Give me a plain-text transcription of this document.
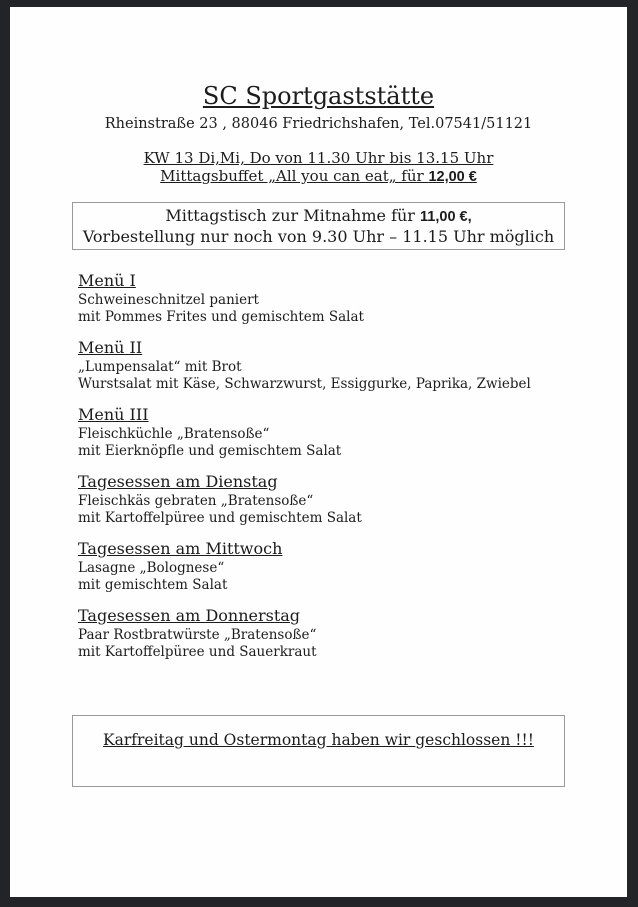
SC Sportgaststätte
Rheinstraße 23 , 88046 Friedrichshafen, Tel.07541/51121
KW 13 Di,Mi, Do von 11.30 Uhr bis 13.15 Uhr
Mittagsbuffet „All you can eat„ für 12,00 €
Mittagstisch zur Mitnahme für 11,00 €,
Vorbestellung nur noch von 9.30 Uhr – 11.15 Uhr möglich
Menü I
Schweineschnitzel paniert
mit Pommes Frites und gemischtem Salat
Menü II
„Lumpensalat“ mit Brot
Wurstsalat mit Käse, Schwarzwurst, Essiggurke, Paprika, Zwiebel
Menü III
Fleischküchle „Bratensoße“
mit Eierknöpfle und gemischtem Salat
Tagesessen am Dienstag
Fleischkäs gebraten „Bratensoße“
mit Kartoffelpüree und gemischtem Salat
Tagesessen am Mittwoch
Lasagne „Bolognese“
mit gemischtem Salat
Tagesessen am Donnerstag
Paar Rostbratwürste „Bratensoße“
mit Kartoffelpüree und Sauerkraut
Karfreitag und Ostermontag haben wir geschlossen !!!
